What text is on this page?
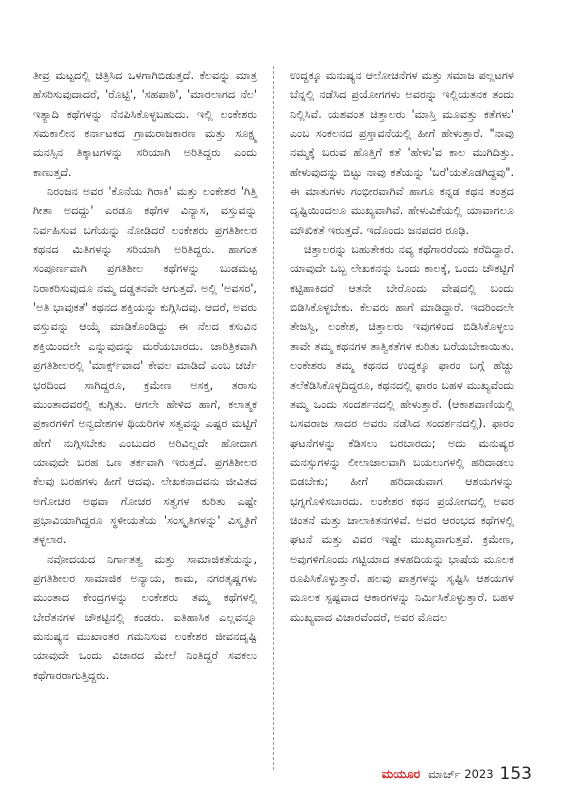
ತೀವ್ರ ಮಟ್ಟದಲ್ಲಿ ಚಿತ್ರಿಸಿದ ಒಳಗಾಗಿಬಿಡುತ್ತದೆ. ಕೆಲವನ್ನು ಮಾತ್ರ ಹೆಸರಿಸುವುದಾದರೆ, 'ರೊಟ್ಟಿ', 'ಸಹಪಾಠಿ', 'ಮಾರಲಾಗದ ನೆಲ' ಇತ್ಯಾದಿ ಕಥೆಗಳನ್ನು ನೆನಪಿಸಿಕೊಳ್ಳಬಹುದು. ಇಲ್ಲಿ ಲಂಕೇಶರು ಸಮಕಾಲೀನ ಕರ್ನಾಟಕದ ಗ್ರಾಮರಾಜಕಾರಣ ಮತ್ತು ಸೂಕ್ಷ್ಮ ಮನಸ್ಸಿನ ತಿಕ್ಕಾಟಗಳನ್ನು ಸರಿಯಾಗಿ ಅರಿತಿದ್ದರು ಎಂದು ಕಾಣುತ್ತದೆ.

ನಿರಂಜನ ಅವರ 'ಕೊನೆಯ ಗಿರಾಕಿ' ಮತ್ತು ಲಂಕೇಶರ 'ಗಿತ್ತಿ ಗೀತಾ ಅದದ್ದು' ಎರಡೂ ಕಥೆಗಳ ವಿನ್ಯಾಸ, ವಸ್ತುವನ್ನು ನಿರ್ವಹಿಸುವ ಬಗೆಯನ್ನು ನೋಡಿದರೆ ಲಂಕೇಶರು ಪ್ರಗತಿಶೀಲರ ಕಥನದ ಮಿತಿಗಳನ್ನು ಸರಿಯಾಗಿ ಅರಿತಿದ್ದರು. ಹಾಗಂತ ಸಂಪೂರ್ಣವಾಗಿ ಪ್ರಗತಿಶೀಲ ಕಥೆಗಳನ್ನು ಬುಡಮಟ್ಟ ನಿರಾಕರಿಸುವುದೂ ನಮ್ಮ ದಡ್ಡತನವೇ ಆಗುತ್ತದೆ. ಅಲ್ಲಿ 'ಅವಸರ', 'ಅತಿ ಭಾವುಕತೆ' ಕಥನದ ಶಕ್ತಿಯನ್ನು ಕುಗ್ಗಿಸಿದವು. ಆದರೆ, ಅವರು ವಸ್ತುವನ್ನು ಆಯ್ಕೆ ಮಾಡಿಕೊಂಡಿದ್ದು ಈ ನೆಲದ ಕಸುವಿನ ಶಕ್ತಿಯಿಂದಲೇ ಎನ್ನುವುದನ್ನು ಮರೆಯಬಾರದು. ಚಾರಿತ್ರಿಕವಾಗಿ ಪ್ರಗತಿಶೀಲರಲ್ಲಿ 'ಮಾರ್ಕ್ಸ್‌ವಾದ' ಕೇವಲ ಮಾಡಿದೆ ಎಂಬ ಚರ್ಚೆ ಭರದಿಂದ ಸಾಗಿದ್ದರೂ, ಕ್ರಮೇಣ ಅಸಕ್ತ, ತರಾಸು ಮುಂತಾದವರಲ್ಲಿ ಕುಗ್ಗಿತು. ಆಗಲೇ ಹೇಳಿದ ಹಾಗೆ, ಕಲಾತ್ಮಕ ಪ್ರಕಾರಗಳಿಗೆ ಅನ್ವದೇಶಗಳ ಥಿಯರಿಗಳ ಸತ್ವವನ್ನು ಎಷ್ಟರ ಮಟ್ಟಿಗೆ ಹೇಗೆ ನುಗ್ಗಿಸಬೇಕು ಎಂಬುದರ ಅರಿವಿಲ್ಲದೇ ಹೋದಾಗ ಯಾವುದೇ ಬರಹ ಒಣ ತರ್ಕವಾಗಿ ಇರುತ್ತದೆ. ಪ್ರಗತಿಶೀಲರ ಕೆಲವು ಬರಹಗಳು ಹೀಗೆ ಆದವು. ಲೇಖಕನಾದವನು ಜೀವಿತದ ಅಗೋಚರ ಅಥವಾ ಗೋಚರ ಸತ್ವಗಳ ಕುರಿತು ಎಷ್ಟೇ ಪ್ರಭಾವಿಯಾಗಿದ್ದರೂ ಸ್ಥಳೀಯತೆಯ 'ಸಂಸ್ಕೃತಿಗಳನ್ನು' ವಿಸ್ಮೃತಿಗೆ ತಳ್ಳಲಾರ.

ನವೋದಯದ ನಿರ್ಗಾತತ್ವ ಮತ್ತು ಸಾಮಾಜಿಕತೆಯನ್ನು, ಪ್ರಗತಿಶೀಲರ ಸಾಮಾಜಿಕ ಅನ್ಯಾಯ, ಕಾಮ, ನಗರತೃಷ್ಣಗಳು ಮುಂತಾದ ಕೇಂದ್ರಗಳನ್ನು ಲಂಕೇಶರು ತಮ್ಮ ಕಥೆಗಳಲ್ಲಿ ಬೇರೆತನಗಳ ಚೌಕಟ್ಟಿನಲ್ಲಿ ಕಂಡರು. ಐತಿಹಾಸಿಕ ಎಲ್ಲವನ್ನೂ ಮನುಷ್ಯನ ಮುಖಾಂತರ ಗಮನಿಸುವ ಲಂಕೇಶರ ಜೀವನದೃಷ್ಟಿ ಯಾವುದೇ ಒಂದು ವಿಚಾರದ ಮೇಲೆ ನಿಂತಿದ್ದರೆ ಸವಕಲು ಕಥೆಗಾರರಾಗುತ್ತಿದ್ದರು.

ಉದ್ದಕ್ಕೂ ಮನುಷ್ಯನ ಆಲೋಚನೆಗಳ ಮತ್ತು ಸಮಾಜ ಪಲ್ಲಟಗಳ ಬೆನ್ನಲ್ಲಿ ನಡೆಸಿದ ಪ್ರಯೋಗಗಳು ಅವರನ್ನು ಇಲ್ಲಿಯತನಕ ತಂದು ನಿಲ್ಲಿಸಿವೆ. ಯಶವಂತ ಚಿತ್ತಾಲರು 'ಮಾಸ್ತಿ ಮೂವತ್ತು ಕತೆಗಳು' ಎಂಬ ಸಂಕಲನದ ಪ್ರಸ್ತಾವನೆಯಲ್ಲಿ ಹೀಗೆ ಹೇಳುತ್ತಾರೆ. "ನಾವು ನಮ್ಮಕ್ಕೆ ಬರುವ ಹೊತ್ತಿಗೆ ಕತೆ 'ಹೇಳು'ವ ಕಾಲ ಮುಗಿದಿತ್ತು. ಹೇಳುವುದನ್ನು ಬಿಟ್ಟು ನಾವು ಕತೆಯನ್ನು 'ಬರೆ'ಯತೊಡಗಿದ್ದವು". ಈ ಮಾತುಗಳು ಗಂಭೀರವಾಗಿವೆ ಹಾಗೂ ಕನ್ನಡ ಕಥನ ತಂತ್ರದ ದೃಷ್ಟಿಯಿಂದಲೂ ಮುಖ್ಯವಾಗಿವೆ. ಹೇಳುವಿಕೆಯಲ್ಲಿ ಯಾವಾಗಲೂ ಮೌಖಿಕತೆ ಇರುತ್ತದೆ. ಇದೊಂದು ಜನಪದರ ರೂಢಿ.

ಚಿತ್ತಾಲರನ್ನು ಬಹುತೇಕರು ನವ್ಯ ಕಥೆಗಾರರೆಂದು ಕರೆದಿದ್ದಾರೆ. ಯಾವುದೇ ಒಬ್ಬ ಲೇಖಕನನ್ನು ಒಂದು ಕಾಲಕ್ಕೆ, ಒಂದು ಚೌಕಟ್ಟಿಗೆ ಕಟ್ಟಿಹಾಕಿದರೆ ಆತನೇ ಬೇರೊಂದು ವೇಷದಲ್ಲಿ ಬಂದು ಬಿಡಿಸಿಕೊಳ್ಳಬೇಕು. ಕೆಲವರು ಹಾಗೆ ಮಾಡಿದ್ದಾರೆ. ಇದರಿಂದಲೇ ತೇಜಸ್ವಿ, ಲಂಕೇಶ, ಚಿತ್ತಾಲರು ಇವುಗಳಿಂದ ಬಿಡಿಸಿಕೊಳ್ಳಲು ತಾವೇ ತಮ್ಮ ಕಥನಗಳ ತಾತ್ವಿಕತೆಗಳ ಕುರಿತು ಬರೆಯಬೇಕಾಯಿತು. ಲಂಕೇಶರು ತಮ್ಮ ಕಥನದ ಉದ್ದಕ್ಕೂ ಫಾರಂ ಬಗ್ಗೆ ಹೆಚ್ಚು ತಲೆಕೆಡಿಸಿಕೊಳ್ಳದಿದ್ದರೂ, ಕಥನದಲ್ಲಿ ಫಾರಂ ಬಹಳ ಮುಖ್ಯವೆಂದು ತಮ್ಮ ಒಂದು ಸಂದರ್ಶನದಲ್ಲಿ ಹೇಳುತ್ತಾರೆ. (ಆಕಾಶವಾಣಿಯಲ್ಲಿ ಬಸವರಾಜ ಸಾದರ ಅವರು ನಡೆಸಿದ ಸಂದರ್ಶನದಲ್ಲಿ). ಫಾರಂ ಘಟನೆಗಳನ್ನು ಕೆಡಿಸಲು ಬರಬಾರದು; ಅದು ಮನುಷ್ಯರ ಮನಸ್ಸುಗಳನ್ನು ಲೀಲಾಜಾಲವಾಗಿ ಬಯಲುಗಳಲ್ಲಿ ಹರಿದಾಡಲು ಬಿಡಬೇಕು; ಹೀಗೆ ಹರಿದಾಡುವಾಗ ಆಶಯಗಳನ್ನು ಭಗ್ನಗೊಳಿಸಬಾರದು. ಲಂಕೇಶರ ಕಥನ ಪ್ರಯೋಗದಲ್ಲಿ ಅವರ ಚಿಂತನೆ ಮತ್ತು ಚಾಲಾಕಿತನಗಳಿವೆ. ಅವರ ಆರಂಭದ ಕಥೆಗಳಲ್ಲಿ ಘಟನೆ ಮತ್ತು ವಿವರ ಇಷ್ಟೇ ಮುಖ್ಯವಾಗುತ್ತವೆ. ಕ್ರಮೇಣ, ಅವುಗಳಿಗೊಂದು ಗಟ್ಟಿಯಾದ ತಳಹದಿಯನ್ನು ಭಾಷೆಯ ಮೂಲಕ ರೂಪಿಸಿಕೊಳ್ಳುತ್ತಾರೆ. ಹಲವು ಪಾತ್ರಗಳನ್ನು ಸೃಷ್ಟಿಸಿ ಆಶಯಗಳ ಮೂಲಕ ಸ್ಪಷ್ಟವಾದ ಆಕಾರಗಳನ್ನು ನಿರ್ಮಿಸಿಕೊಳ್ಳುತ್ತಾರೆ. ಬಹಳ ಮುಖ್ಯವಾದ ವಿಚಾರವೆಂದರೆ, ಅವರ ಮೊದಲ

ಮಯೂರ ಮಾರ್ಚ್ 2023 153
